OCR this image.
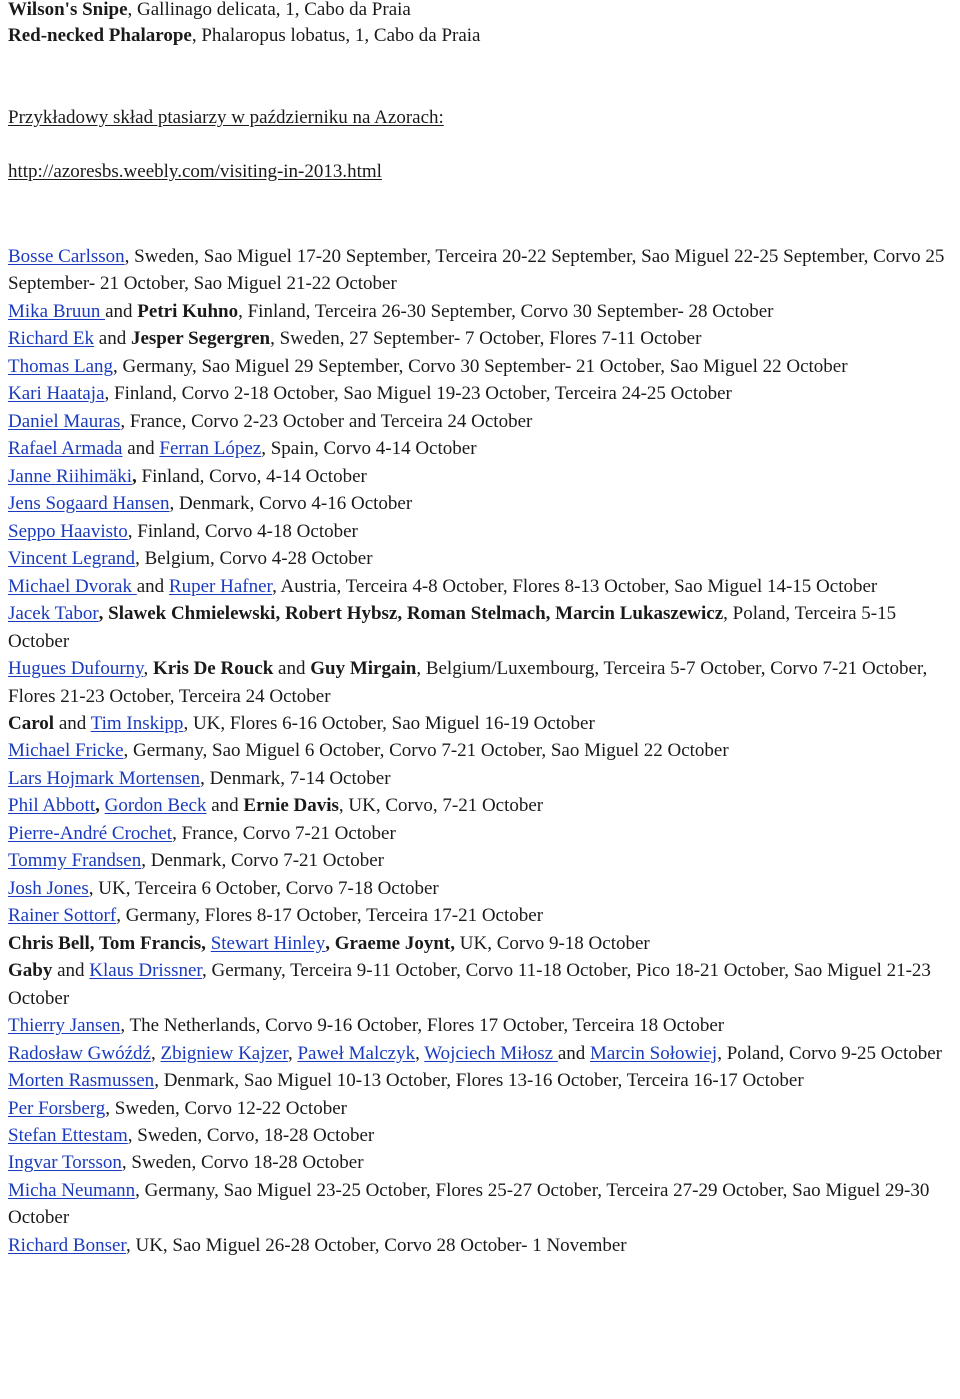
Wilson's Snipe, Gallinago delicata, 1, Cabo da Praia
Red-necked Phalarope, Phalaropus lobatus, 1, Cabo da Praia
Przykładowy skład ptasiarzy w październiku na Azorach:
http://azoresbs.weebly.com/visiting-in-2013.html
Bosse Carlsson, Sweden, Sao Miguel 17-20 September, Terceira 20-22 September, Sao Miguel 22-25 September, Corvo 25 September- 21 October, Sao Miguel 21-22 October
Mika Bruun and Petri Kuhno, Finland, Terceira 26-30 September, Corvo 30 September- 28 October
Richard Ek and Jesper Segergren, Sweden, 27 September- 7 October, Flores 7-11 October
Thomas Lang, Germany, Sao Miguel 29 September, Corvo 30 September- 21 October, Sao Miguel 22 October
Kari Haataja, Finland, Corvo 2-18 October, Sao Miguel 19-23 October, Terceira 24-25 October
Daniel Mauras, France, Corvo 2-23 October and Terceira 24 October
Rafael Armada and Ferran López, Spain, Corvo 4-14 October
Janne Riihimäki, Finland, Corvo, 4-14 October
Jens Sogaard Hansen, Denmark, Corvo 4-16 October
Seppo Haavisto, Finland, Corvo 4-18 October
Vincent Legrand, Belgium, Corvo 4-28 October
Michael Dvorak and Ruper Hafner, Austria, Terceira 4-8 October, Flores 8-13 October, Sao Miguel 14-15 October
Jacek Tabor, Slawek Chmielewski, Robert Hybsz, Roman Stelmach, Marcin Lukaszewicz, Poland, Terceira 5-15 October
Hugues Dufourny, Kris De Rouck and Guy Mirgain, Belgium/Luxembourg, Terceira 5-7 October, Corvo 7-21 October, Flores 21-23 October, Terceira 24 October
Carol and Tim Inskipp, UK, Flores 6-16 October, Sao Miguel 16-19 October
Michael Fricke, Germany, Sao Miguel 6 October, Corvo 7-21 October, Sao Miguel 22 October
Lars Hojmark Mortensen, Denmark, 7-14 October
Phil Abbott, Gordon Beck and Ernie Davis, UK, Corvo, 7-21 October
Pierre-André Crochet, France, Corvo 7-21 October
Tommy Frandsen, Denmark, Corvo 7-21 October
Josh Jones, UK, Terceira 6 October, Corvo 7-18 October
Rainer Sottorf, Germany, Flores 8-17 October, Terceira 17-21 October
Chris Bell, Tom Francis, Stewart Hinley, Graeme Joynt, UK, Corvo 9-18 October
Gaby and Klaus Drissner, Germany, Terceira 9-11 October, Corvo 11-18 October, Pico 18-21 October, Sao Miguel 21-23 October
Thierry Jansen, The Netherlands, Corvo 9-16 October, Flores 17 October, Terceira 18 October
Radosław Gwóźdź, Zbigniew Kajzer, Paweł Malczyk, Wojciech Miłosz and Marcin Sołowiej, Poland, Corvo 9-25 October
Morten Rasmussen, Denmark, Sao Miguel 10-13 October, Flores 13-16 October, Terceira 16-17 October
Per Forsberg, Sweden, Corvo 12-22 October
Stefan Ettestam, Sweden, Corvo, 18-28 October
Ingvar Torsson, Sweden, Corvo 18-28 October
Micha Neumann, Germany, Sao Miguel 23-25 October, Flores 25-27 October, Terceira 27-29 October, Sao Miguel 29-30 October
Richard Bonser, UK, Sao Miguel 26-28 October, Corvo 28 October- 1 November
